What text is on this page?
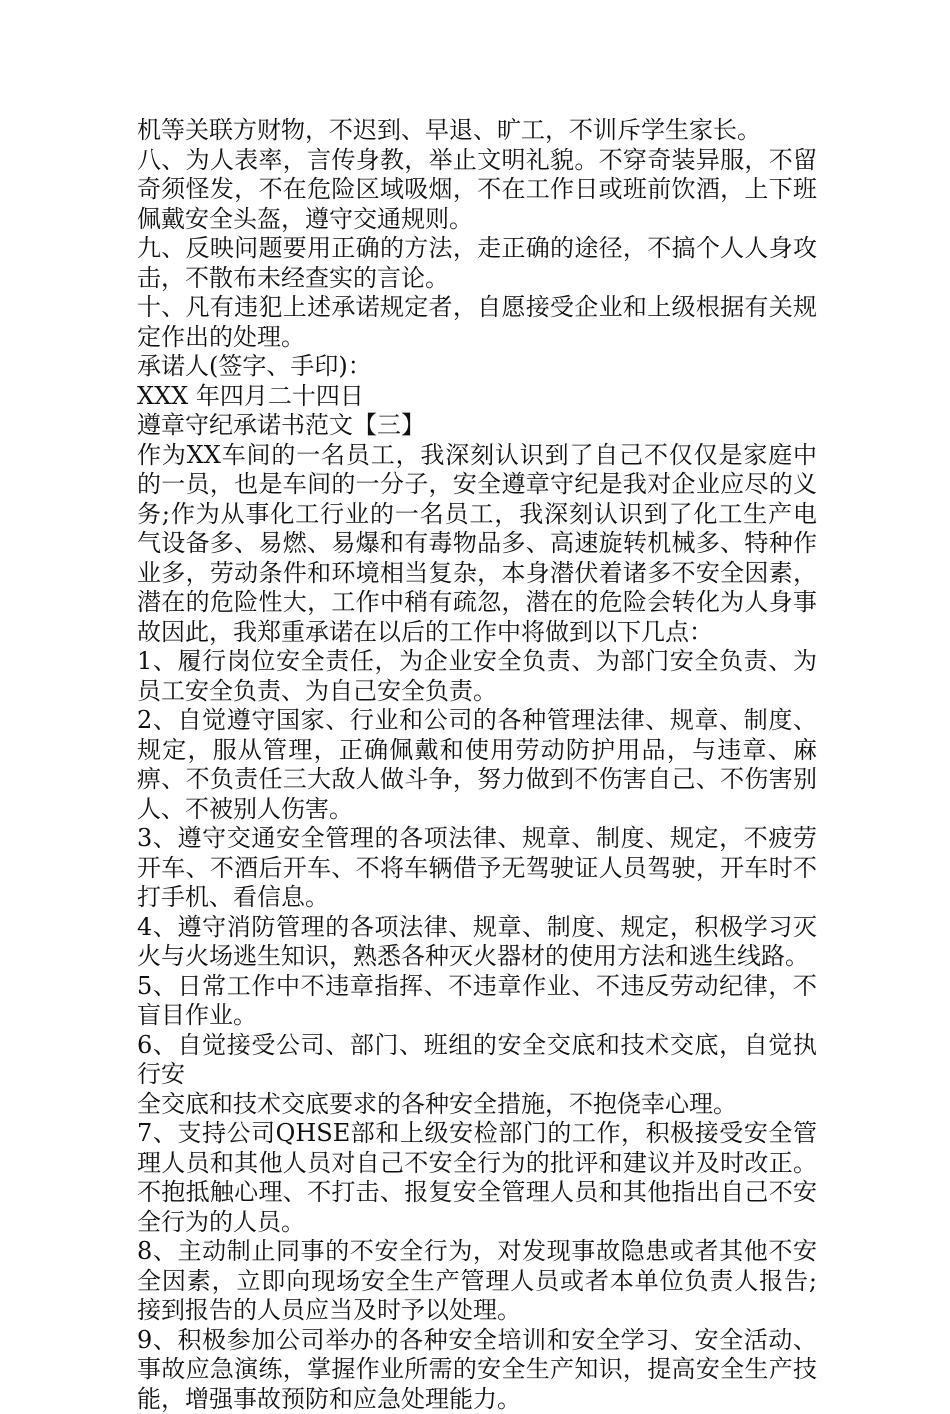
机等关联方财物，不迟到、早退、旷工，不训斥学生家长。

八、为人表率，言传身教，举止文明礼貌。不穿奇装异服，不留奇须怪发，不在危险区域吸烟，不在工作日或班前饮酒，上下班佩戴安全头盔，遵守交通规则。

九、反映问题要用正确的方法，走正确的途径，不搞个人人身攻击，不散布未经查实的言论。

十、凡有违犯上述承诺规定者，自愿接受企业和上级根据有关规定作出的处理。

承诺人(签字、手印)：

XXX 年四月二十四日

遵章守纪承诺书范文【三】

作为XX车间的一名员工，我深刻认识到了自己不仅仅是家庭中的一员，也是车间的一分子，安全遵章守纪是我对企业应尽的义务;作为从事化工行业的一名员工，我深刻认识到了化工生产电气设备多、易燃、易爆和有毒物品多、高速旋转机械多、特种作业多，劳动条件和环境相当复杂，本身潜伏着诸多不安全因素，潜在的危险性大，工作中稍有疏忽，潜在的危险会转化为人身事故因此，我郑重承诺在以后的工作中将做到以下几点：

1、履行岗位安全责任，为企业安全负责、为部门安全负责、为员工安全负责、为自己安全负责。

2、自觉遵守国家、行业和公司的各种管理法律、规章、制度、规定，服从管理，正确佩戴和使用劳动防护用品，与违章、麻痹、不负责任三大敌人做斗争，努力做到不伤害自己、不伤害别人、不被别人伤害。

3、遵守交通安全管理的各项法律、规章、制度、规定，不疲劳开车、不酒后开车、不将车辆借予无驾驶证人员驾驶，开车时不打手机、看信息。

4、遵守消防管理的各项法律、规章、制度、规定，积极学习灭火与火场逃生知识，熟悉各种灭火器材的使用方法和逃生线路。

5、日常工作中不违章指挥、不违章作业、不违反劳动纪律，不盲目作业。

6、自觉接受公司、部门、班组的安全交底和技术交底，自觉执行安

全交底和技术交底要求的各种安全措施，不抱侥幸心理。

7、支持公司QHSE部和上级安检部门的工作，积极接受安全管理人员和其他人员对自己不安全行为的批评和建议并及时改正。不抱抵触心理、不打击、报复安全管理人员和其他指出自己不安全行为的人员。

8、主动制止同事的不安全行为，对发现事故隐患或者其他不安全因素，立即向现场安全生产管理人员或者本单位负责人报告;接到报告的人员应当及时予以处理。

9、积极参加公司举办的各种安全培训和安全学习、安全活动、事故应急演练，掌握作业所需的安全生产知识，提高安全生产技能，增强事故预防和应急处理能力。
